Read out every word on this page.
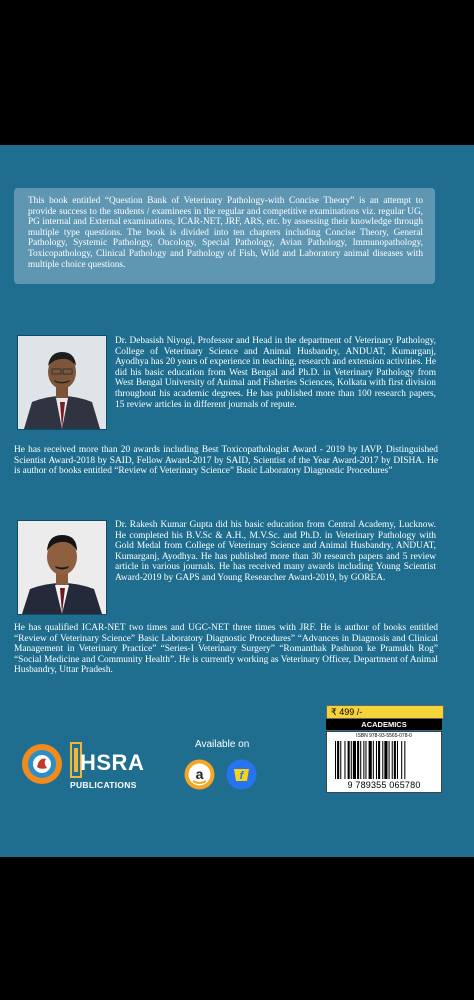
This book entitled “Question Bank of Veterinary Pathology-with Concise Theory” is an attempt to provide success to the students / examinees in the regular and competitive examinations viz. regular UG, PG internal and External examinations, ICAR-NET, JRF, ARS, etc. by assessing their knowledge through multiple type questions. The book is divided into ten chapters including Concise Theory, General Pathology, Systemic Pathology, Oncology, Special Pathology, Avian Pathology, Immunopathology, Toxicopathology, Clinical Pathology and Pathology of Fish, Wild and Laboratory animal diseases with multiple choice questions.
Dr. Debasish Niyogi, Professor and Head in the department of Veterinary Pathology, College of Veterinary Science and Animal Husbandry, ANDUAT, Kumarganj, Ayodhya has 20 years of experience in teaching, research and extension activities. He did his basic education from West Bengal and Ph.D. in Veterinary Pathology from West Bengal University of Animal and Fisheries Sciences, Kolkata with first division throughout his academic degrees. He has published more than 100 research papers, 15 review articles in different journals of repute.
He has received more than 20 awards including Best Toxicopathologist Award - 2019 by IAVP, Distinguished Scientist Award-2018 by SAID, Fellow Award-2017 by SAID, Scientist of the Year Award-2017 by DISHA. He is author of books entitled “Review of Veterinary Science” Basic Laboratory Diagnostic Procedures”
Dr. Rakesh Kumar Gupta did his basic education from Central Academy, Lucknow. He completed his B.V.Sc & A.H., M.V.Sc. and Ph.D. in Veterinary Pathology with Gold Medal from College of Veterinary Science and Animal Husbandry, ANDUAT, Kumarganj, Ayodhya. He has published more than 30 research papers and 5 review article in various journals. He has received many awards including Young Scientist Award-2019 by GAPS and Young Researcher Award-2019, by GOREA.
He has qualified ICAR-NET two times and UGC-NET three times with JRF. He is author of books entitled “Review of Veterinary Science” Basic Laboratory Diagnostic Procedures” “Advances in Diagnosis and Clinical Management in Veterinary Practice” “Series-I Veterinary Surgery” “Romanthak Pashuon ke Pramukh Rog” “Social Medicine and Community Health”. He is currently working as Veterinary Officer, Department of Animal Husbandry, Uttar Pradesh.
HSRA
PUBLICATIONS
Available on
a	f
₹ 499 /-
ACADEMICS
ISBN 978-93-5565-078-0
9 789355 065780
